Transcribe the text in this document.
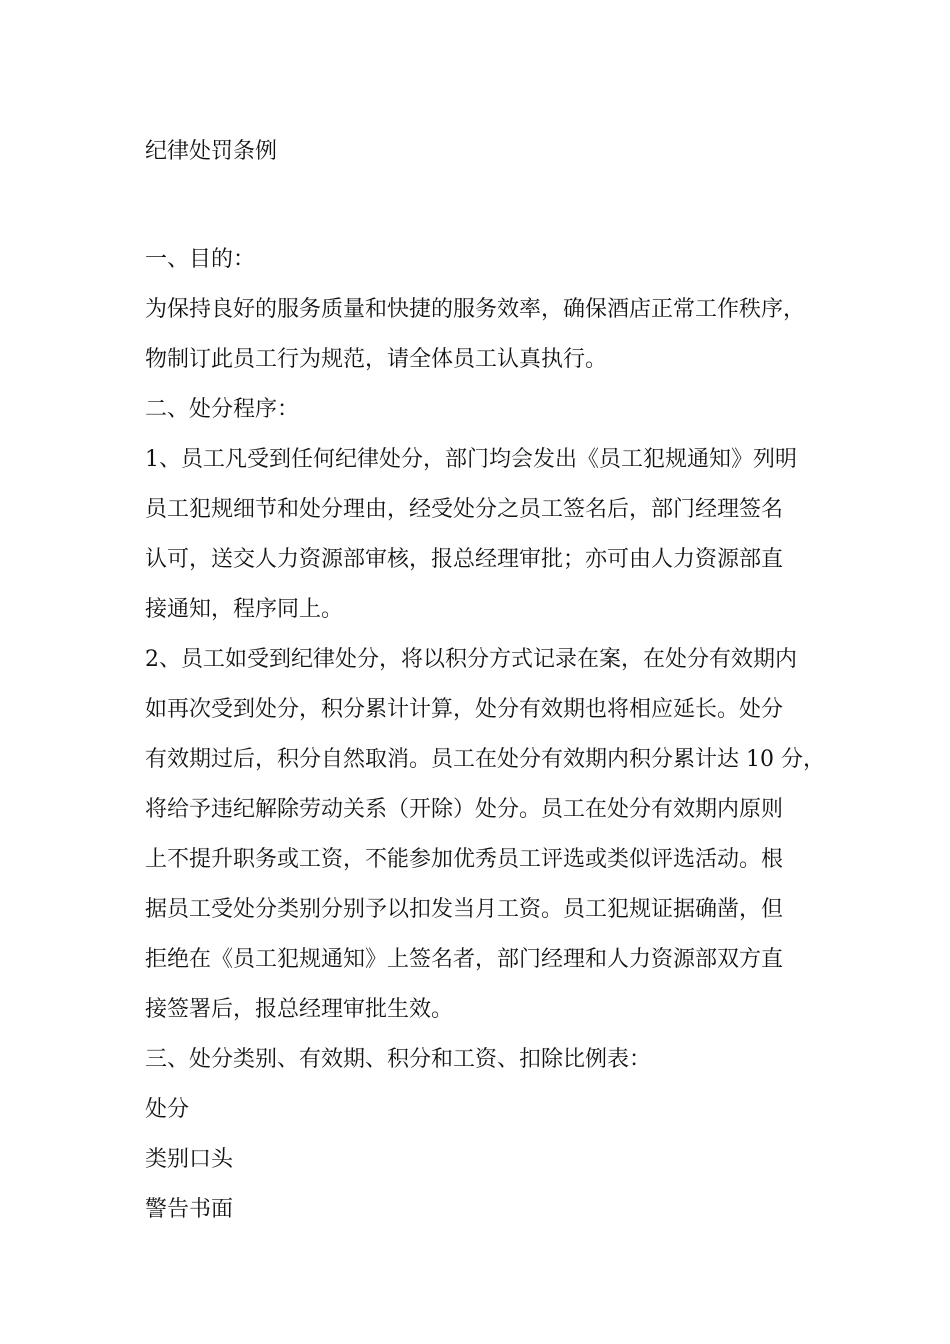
纪律处罚条例
一、目的：
为保持良好的服务质量和快捷的服务效率，确保酒店正常工作秩序，
物制订此员工行为规范，请全体员工认真执行。
二、处分程序：
1、员工凡受到任何纪律处分，部门均会发出《员工犯规通知》列明
员工犯规细节和处分理由，经受处分之员工签名后，部门经理签名
认可，送交人力资源部审核，报总经理审批；亦可由人力资源部直
接通知，程序同上。
2、员工如受到纪律处分，将以积分方式记录在案，在处分有效期内
如再次受到处分，积分累计计算，处分有效期也将相应延长。处分
有效期过后，积分自然取消。员工在处分有效期内积分累计达 10 分，
将给予违纪解除劳动关系（开除）处分。员工在处分有效期内原则
上不提升职务或工资，不能参加优秀员工评选或类似评选活动。根
据员工受处分类别分别予以扣发当月工资。员工犯规证据确凿，但
拒绝在《员工犯规通知》上签名者，部门经理和人力资源部双方直
接签署后，报总经理审批生效。
三、处分类别、有效期、积分和工资、扣除比例表：
处分
类别口头
警告书面
